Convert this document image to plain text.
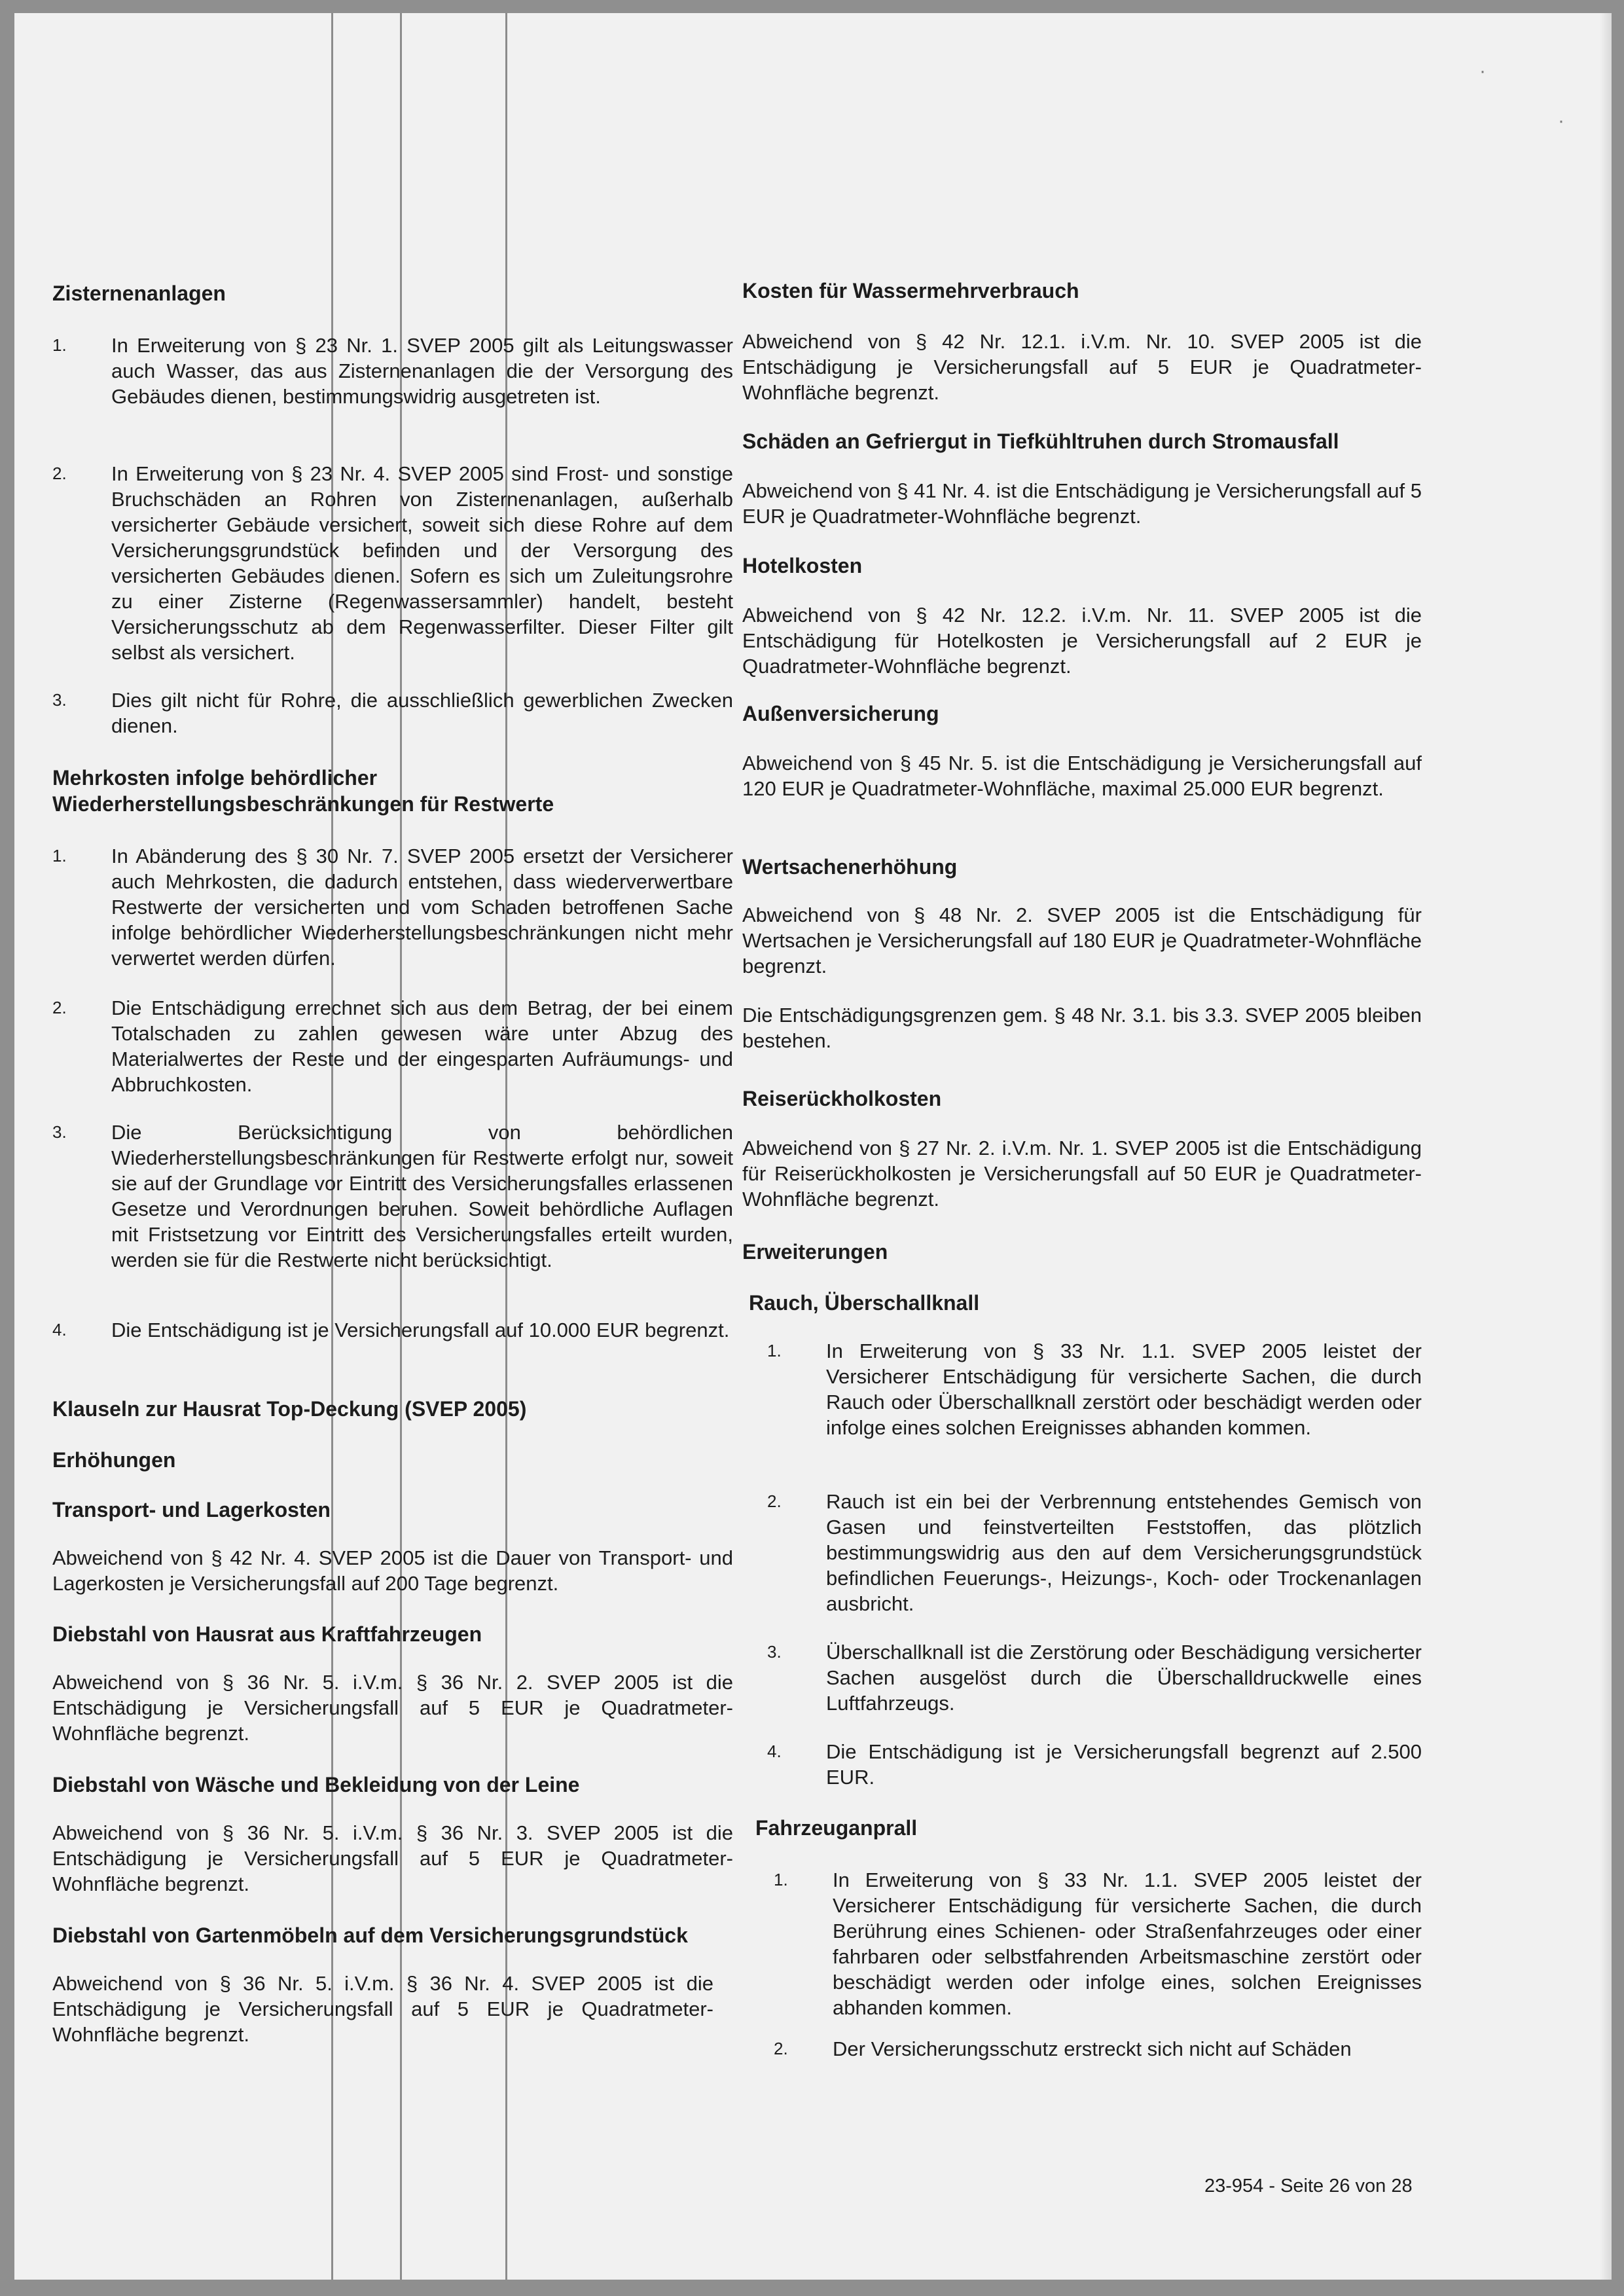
·
·

Zisternenanlagen

1. In Erweiterung von § 23 Nr. 1. SVEP 2005 gilt als Leitungswasser auch Wasser, das aus Zisternenanlagen die der Versorgung des Gebäudes dienen, bestimmungswidrig ausgetreten ist.
2. In Erweiterung von § 23 Nr. 4. SVEP 2005 sind Frost- und sonstige Bruchschäden an Rohren von Zisternenanlagen, außerhalb versicherter Gebäude versichert, soweit sich diese Rohre auf dem Versicherungsgrundstück befinden und der Versorgung des versicherten Gebäudes dienen. Sofern es sich um Zuleitungsrohre zu einer Zisterne (Regenwassersammler) handelt, besteht Versicherungsschutz ab dem Regenwasserfilter. Dieser Filter gilt selbst als versichert.
3. Dies gilt nicht für Rohre, die ausschließlich gewerblichen Zwecken dienen.

Mehrkosten infolge behördlicher Wiederherstellungsbeschränkungen für Restwerte

1. In Abänderung des § 30 Nr. 7. SVEP 2005 ersetzt der Versicherer auch Mehrkosten, die dadurch entstehen, dass wiederverwertbare Restwerte der versicherten und vom Schaden betroffenen Sache infolge behördlicher Wiederherstellungsbeschränkungen nicht mehr verwertet werden dürfen.
2. Die Entschädigung errechnet sich aus dem Betrag, der bei einem Totalschaden zu zahlen gewesen wäre unter Abzug des Materialwertes der Reste und der eingesparten Aufräumungs- und Abbruchkosten.
3. Die Berücksichtigung von behördlichen Wiederherstellungsbeschränkungen für Restwerte erfolgt nur, soweit sie auf der Grundlage vor Eintritt des Versicherungsfalles erlassenen Gesetze und Verordnungen beruhen. Soweit behördliche Auflagen mit Fristsetzung vor Eintritt des Versicherungsfalles erteilt wurden, werden sie für die Restwerte nicht berücksichtigt.
4. Die Entschädigung ist je Versicherungsfall auf 10.000 EUR begrenzt.

Klauseln zur Hausrat Top-Deckung (SVEP 2005)

Erhöhungen

Transport- und Lagerkosten

Abweichend von § 42 Nr. 4. SVEP 2005 ist die Dauer von Transport- und Lagerkosten je Versicherungsfall auf 200 Tage begrenzt.

Diebstahl von Hausrat aus Kraftfahrzeugen

Abweichend von § 36 Nr. 5. i.V.m. § 36 Nr. 2. SVEP 2005 ist die Entschädigung je Versicherungsfall auf 5 EUR je Quadratmeter-Wohnfläche begrenzt.

Diebstahl von Wäsche und Bekleidung von der Leine

Abweichend von § 36 Nr. 5. i.V.m. § 36 Nr. 3. SVEP 2005 ist die Entschädigung je Versicherungsfall auf 5 EUR je Quadratmeter-Wohnfläche begrenzt.

Diebstahl von Gartenmöbeln auf dem Versicherungsgrundstück

Abweichend von § 36 Nr. 5. i.V.m. § 36 Nr. 4. SVEP 2005 ist die Entschädigung je Versicherungsfall auf 5 EUR je Quadratmeter-Wohnfläche begrenzt.

Kosten für Wassermehrverbrauch

Abweichend von § 42 Nr. 12.1. i.V.m. Nr. 10. SVEP 2005 ist die Entschädigung je Versicherungsfall auf 5 EUR je Quadratmeter-Wohnfläche begrenzt.

Schäden an Gefriergut in Tiefkühltruhen durch Stromausfall

Abweichend von § 41 Nr. 4. ist die Entschädigung je Versicherungsfall auf 5 EUR je Quadratmeter-Wohnfläche begrenzt.

Hotelkosten

Abweichend von § 42 Nr. 12.2. i.V.m. Nr. 11. SVEP 2005 ist die Entschädigung für Hotelkosten je Versicherungsfall auf 2 EUR je Quadratmeter-Wohnfläche begrenzt.

Außenversicherung

Abweichend von § 45 Nr. 5. ist die Entschädigung je Versicherungsfall auf 120 EUR je Quadratmeter-Wohnfläche, maximal 25.000 EUR begrenzt.

Wertsachenerhöhung

Abweichend von § 48 Nr. 2. SVEP 2005 ist die Entschädigung für Wertsachen je Versicherungsfall auf 180 EUR je Quadratmeter-Wohnfläche begrenzt.

Die Entschädigungsgrenzen gem. § 48 Nr. 3.1. bis 3.3. SVEP 2005 bleiben bestehen.

Reiserückholkosten

Abweichend von § 27 Nr. 2. i.V.m. Nr. 1. SVEP 2005 ist die Entschädigung für Reiserückholkosten je Versicherungsfall auf 50 EUR je Quadratmeter-Wohnfläche begrenzt.

Erweiterungen

Rauch, Überschallknall

1. In Erweiterung von § 33 Nr. 1.1. SVEP 2005 leistet der Versicherer Entschädigung für versicherte Sachen, die durch Rauch oder Überschallknall zerstört oder beschädigt werden oder infolge eines solchen Ereignisses abhanden kommen.
2. Rauch ist ein bei der Verbrennung entstehendes Gemisch von Gasen und feinstverteilten Feststoffen, das plötzlich bestimmungswidrig aus den auf dem Versicherungsgrundstück befindlichen Feuerungs-, Heizungs-, Koch- oder Trockenanlagen ausbricht.
3. Überschallknall ist die Zerstörung oder Beschädigung versicherter Sachen ausgelöst durch die Überschalldruckwelle eines Luftfahrzeugs.
4. Die Entschädigung ist je Versicherungsfall begrenzt auf 2.500 EUR.

Fahrzeuganprall

1. In Erweiterung von § 33 Nr. 1.1. SVEP 2005 leistet der Versicherer Entschädigung für versicherte Sachen, die durch Berührung eines Schienen- oder Straßenfahrzeuges oder einer fahrbaren oder selbstfahrenden Arbeitsmaschine zerstört oder beschädigt werden oder infolge eines, solchen Ereignisses abhanden kommen.
2. Der Versicherungsschutz erstreckt sich nicht auf Schäden
23-954 - Seite 26 von 28
